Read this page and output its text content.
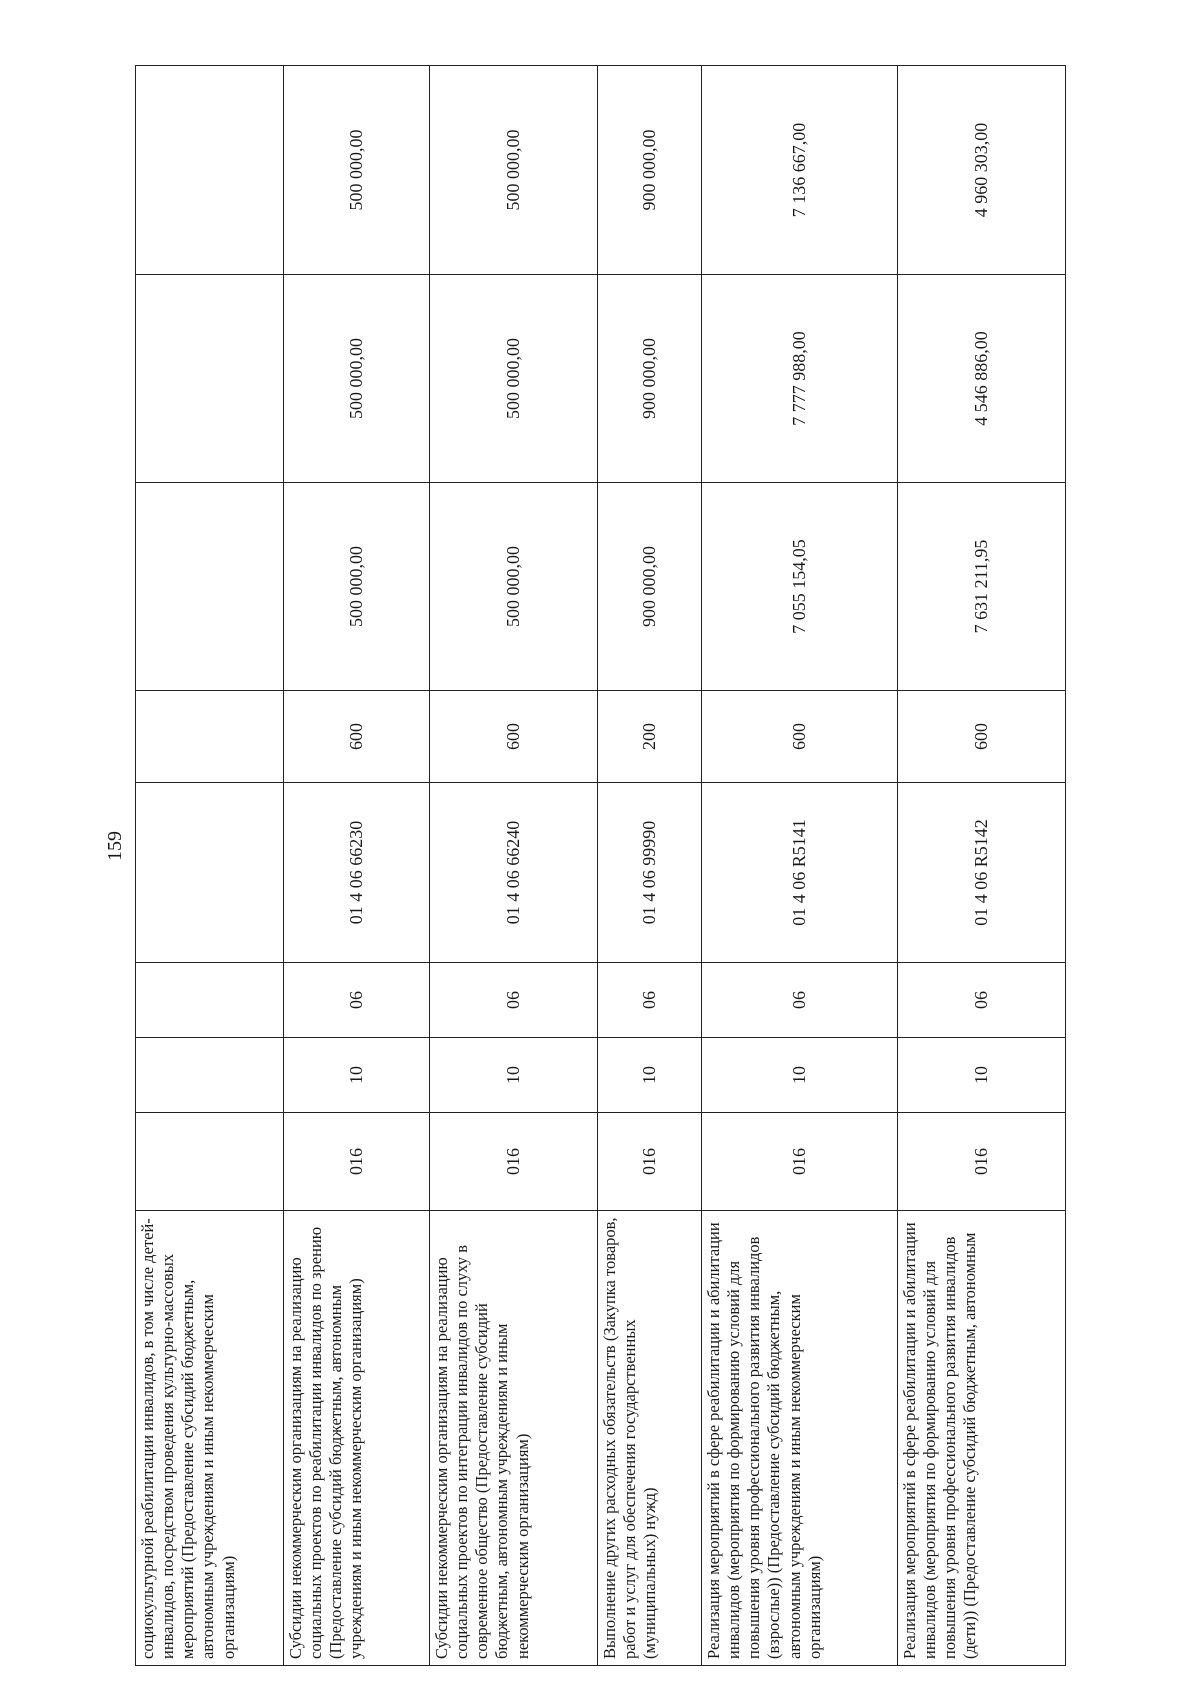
159
социокультурной реабилитации инвалидов, в том числе детей-инвалидов, посредством проведения культурно-массовых мероприятий (Предоставление субсидий бюджетным, автономным учреждениям и иным некоммерческим организациям)								
Субсидии некоммерческим организациям на реализацию социальных проектов по реабилитации инвалидов по зрению (Предоставление субсидий бюджетным, автономным учреждениям и иным некоммерческим организациям)	016	10	06	01 4 06 66230	600	500 000,00	500 000,00	500 000,00
Субсидии некоммерческим организациям на реализацию социальных проектов по интеграции инвалидов по слуху в современное общество (Предоставление субсидий бюджетным, автономным учреждениям и иным некоммерческим организациям)	016	10	06	01 4 06 66240	600	500 000,00	500 000,00	500 000,00
Выполнение других расходных обязательств (Закупка товаров, работ и услуг для обеспечения государственных (муниципальных) нужд)	016	10	06	01 4 06 99990	200	900 000,00	900 000,00	900 000,00
Реализация мероприятий в сфере реабилитации и абилитации инвалидов (мероприятия по формированию условий для повышения уровня профессионального развития инвалидов (взрослые)) (Предоставление субсидий бюджетным, автономным учреждениям и иным некоммерческим организациям)	016	10	06	01 4 06 R5141	600	7 055 154,05	7 777 988,00	7 136 667,00
Реализация мероприятий в сфере реабилитации и абилитации инвалидов (мероприятия по формированию условий для повышения уровня профессионального развития инвалидов (дети)) (Предоставление субсидий бюджетным, автономным	016	10	06	01 4 06 R5142	600	7 631 211,95	4 546 886,00	4 960 303,00
